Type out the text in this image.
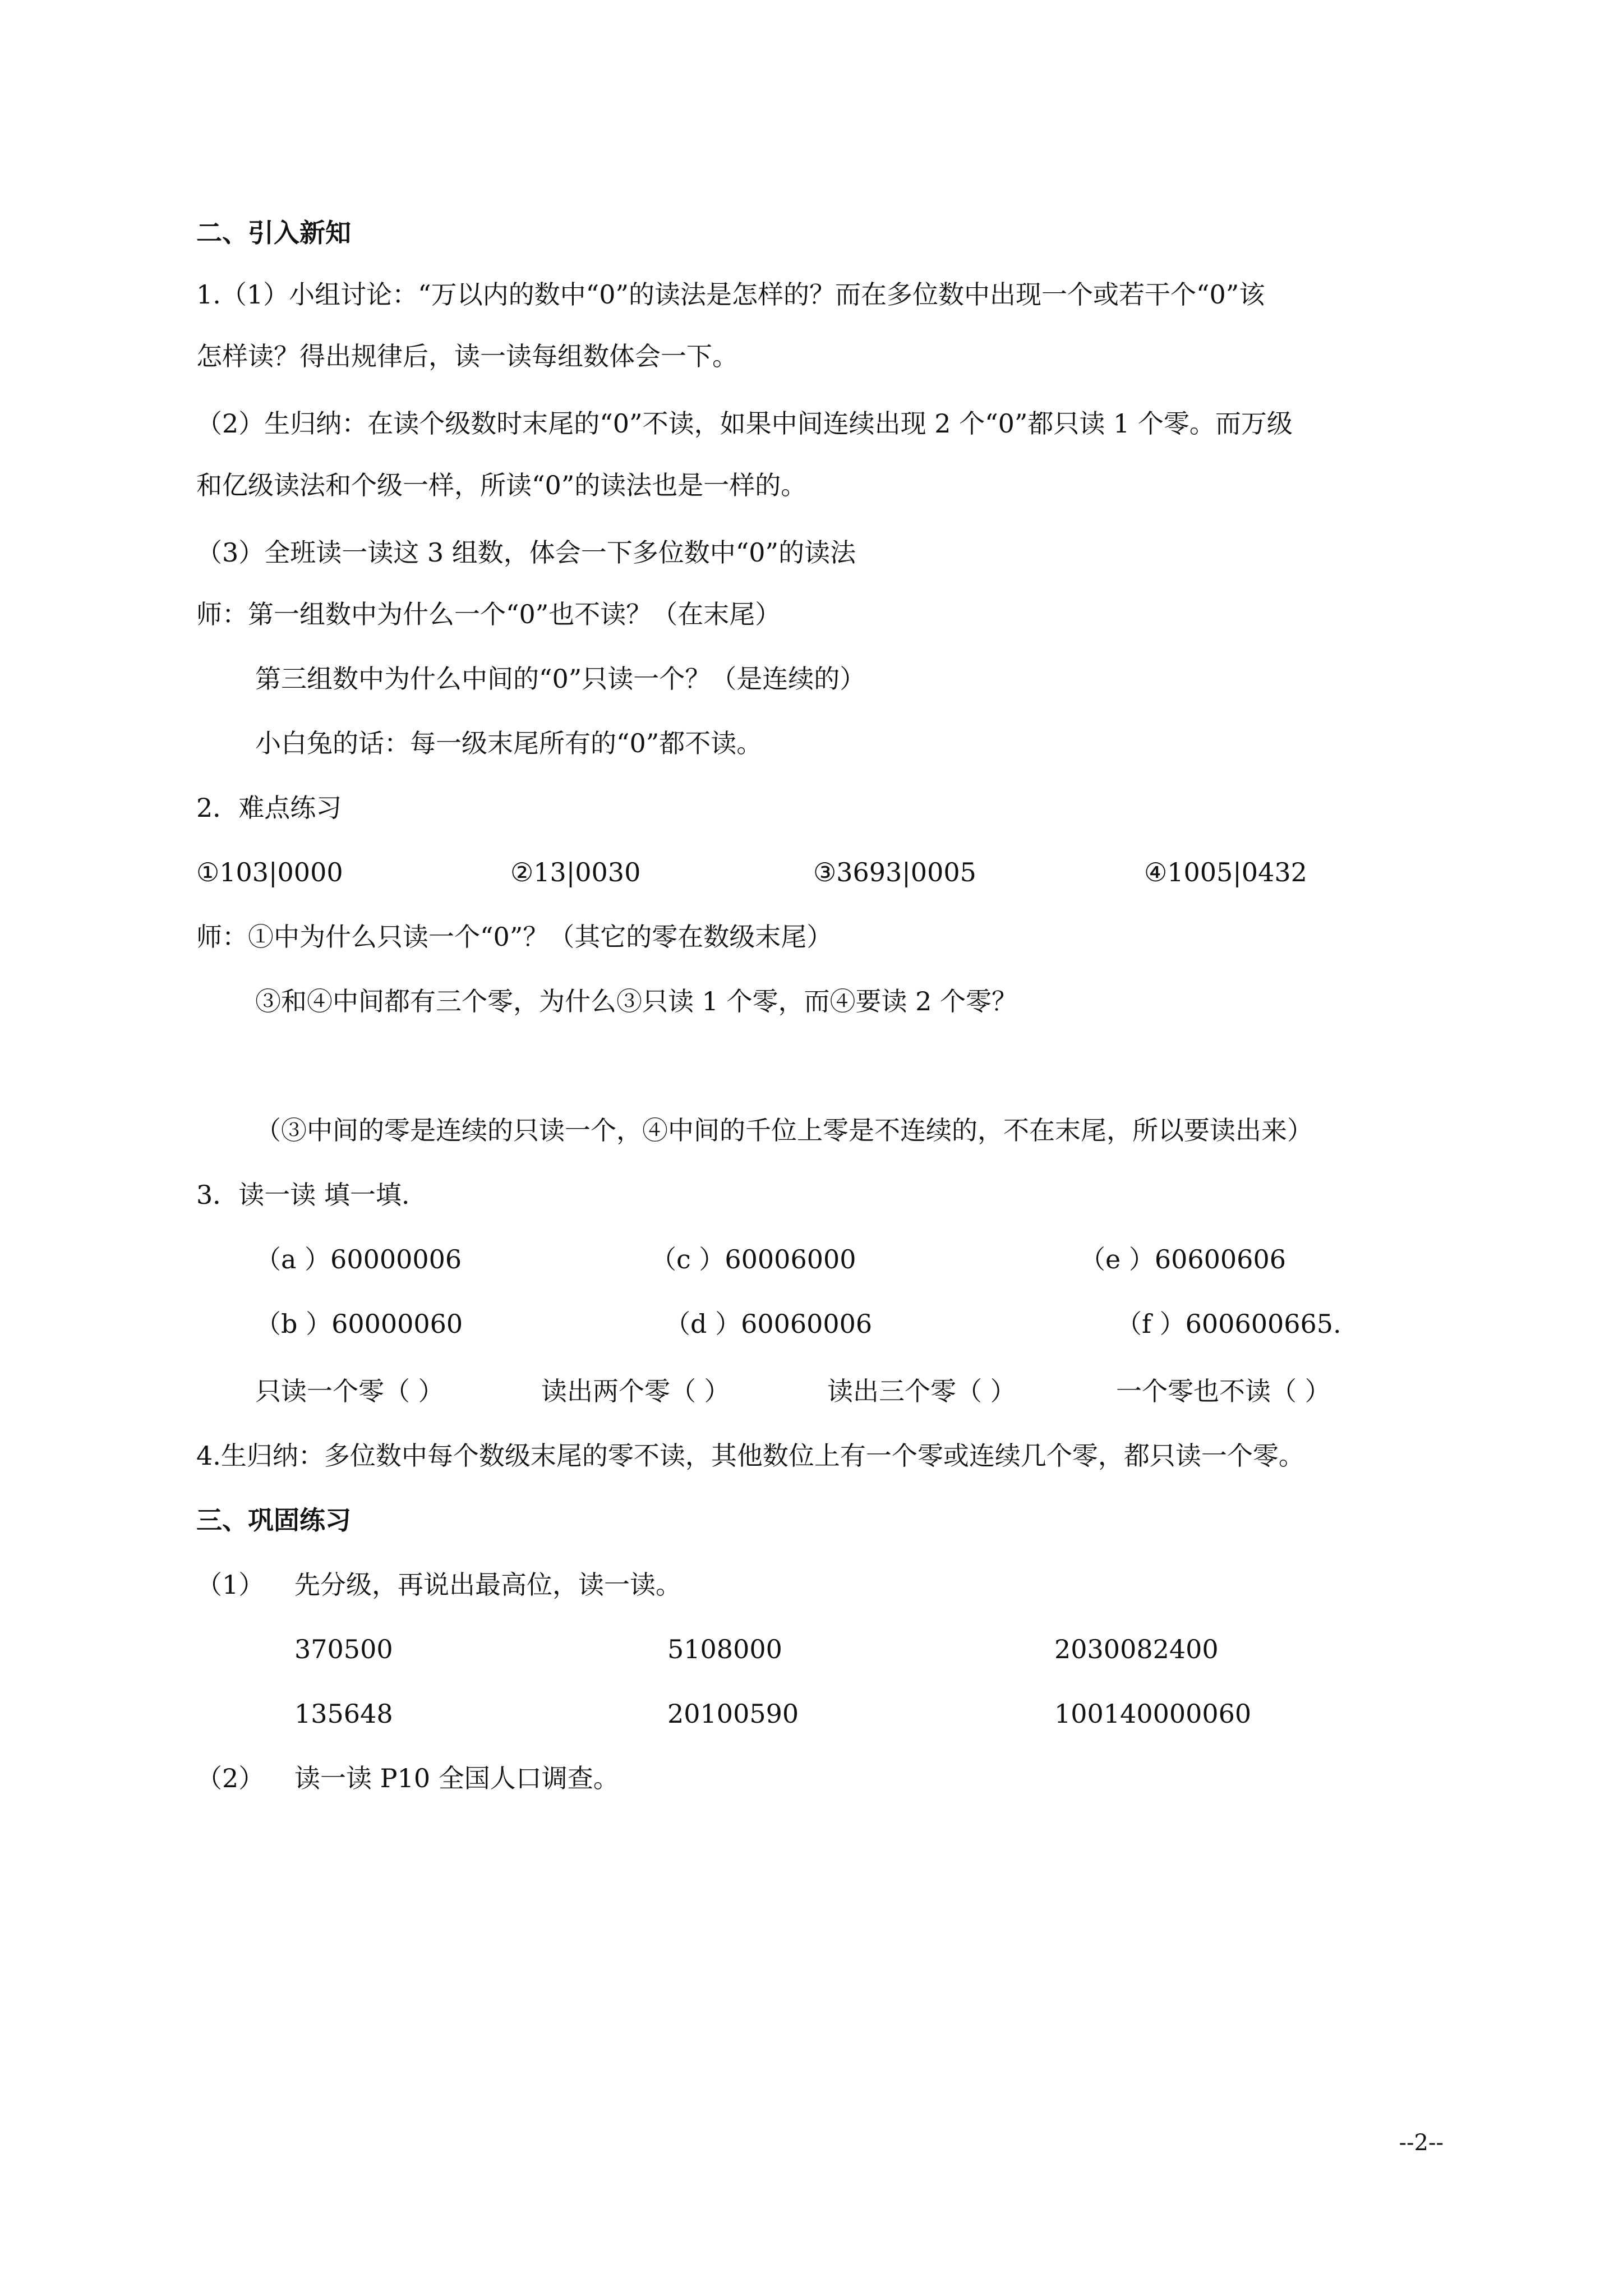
二、引入新知
1.（1）小组讨论：“万以内的数中“0”的读法是怎样的？而在多位数中出现一个或若干个“0”该
怎样读？得出规律后，读一读每组数体会一下。
（2）生归纳：在读个级数时末尾的“0”不读，如果中间连续出现 2 个“0”都只读 1 个零。而万级
和亿级读法和个级一样，所读“0”的读法也是一样的。
（3）全班读一读这 3 组数，体会一下多位数中“0”的读法
师：第一组数中为什么一个“0”也不读？（在末尾）
第三组数中为什么中间的“0”只读一个？（是连续的）
小白兔的话：每一级末尾所有的“0”都不读。
2．难点练习
①103|0000	②13|0030	③3693|0005	④1005|0432
师：①中为什么只读一个“0”？（其它的零在数级末尾）
③和④中间都有三个零，为什么③只读 1 个零，而④要读 2 个零？
（③中间的零是连续的只读一个，④中间的千位上零是不连续的，不在末尾，所以要读出来）
3．读一读 填一填.
（a ）60000006	（c ）60006000	（e ）60600606
（b ）60000060	（d ）60060006	（f ）600600665.
只读一个零（ ）	读出两个零（ ）	读出三个零（ ）	一个零也不读（ ）
4.生归纳：多位数中每个数级末尾的零不读，其他数位上有一个零或连续几个零，都只读一个零。
三、巩固练习
（1） 先分级，再说出最高位，读一读。
370500	5108000	2030082400
135648	20100590	100140000060
（2） 读一读 P10 全国人口调查。
--2--
